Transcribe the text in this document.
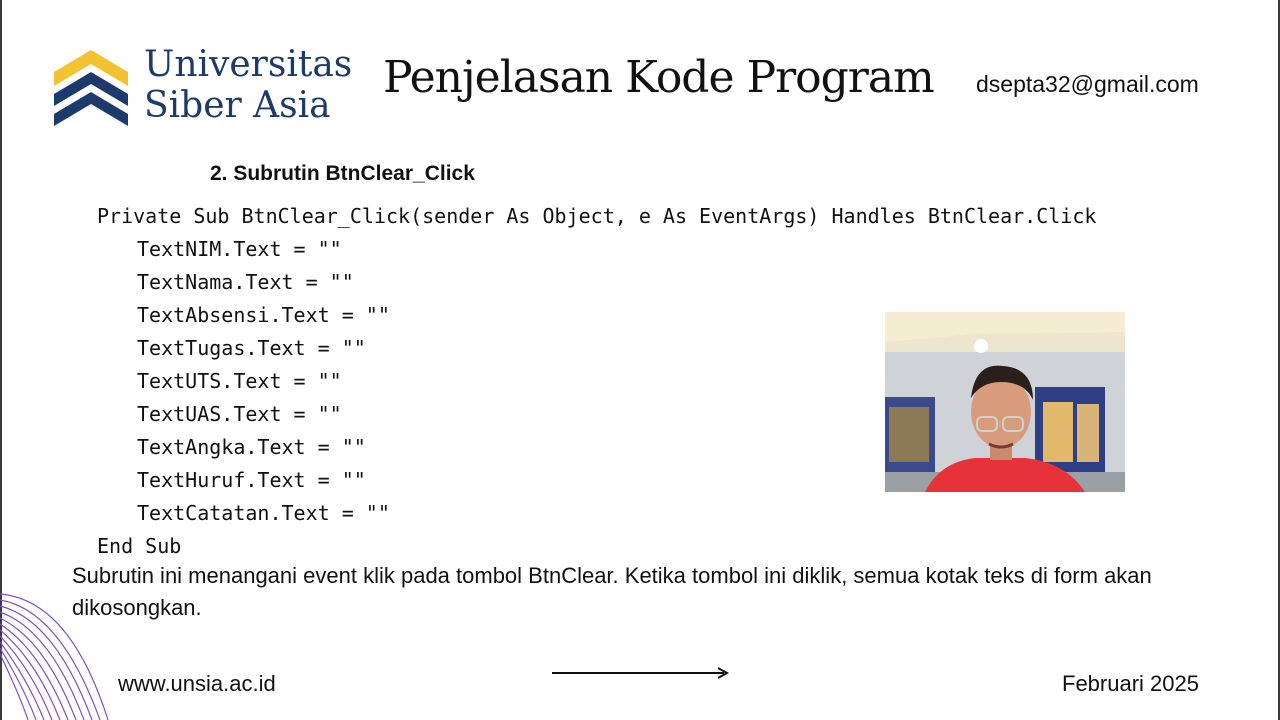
Universitas
Siber Asia
Penjelasan Kode Program dsepta32@gmail.com
2. Subrutin BtnClear_Click
Private Sub BtnClear_Click(sender As Object, e As EventArgs) Handles BtnClear.Click
TextNIM.Text = ""
TextNama.Text = ""
TextAbsensi.Text = ""
TextTugas.Text = ""
TextUTS.Text = ""
TextUAS.Text = ""
TextAngka.Text = ""
TextHuruf.Text = ""
TextCatatan.Text = ""
End Sub
Subrutin ini menangani event klik pada tombol BtnClear. Ketika tombol ini diklik, semua kotak teks di form akan dikosongkan.
www.unsia.ac.id	Februari 2025
